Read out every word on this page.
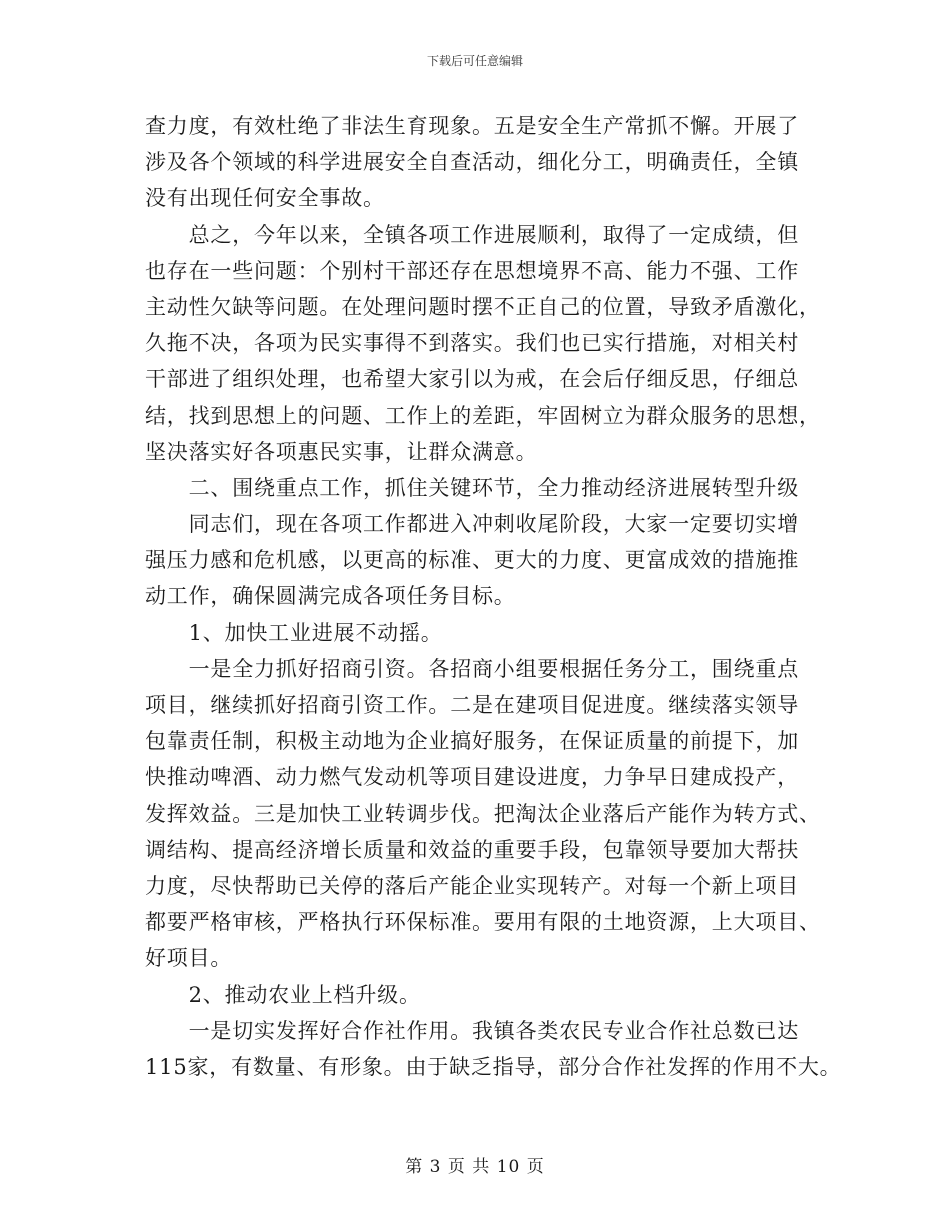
下载后可任意编辑
查力度，有效杜绝了非法生育现象。五是安全生产常抓不懈。开展了
涉及各个领域的科学进展安全自查活动，细化分工，明确责任，全镇
没有出现任何安全事故。
　　总之，今年以来，全镇各项工作进展顺利，取得了一定成绩，但
也存在一些问题：个别村干部还存在思想境界不高、能力不强、工作
主动性欠缺等问题。在处理问题时摆不正自己的位置，导致矛盾激化，
久拖不决，各项为民实事得不到落实。我们也已实行措施，对相关村
干部进了组织处理，也希望大家引以为戒，在会后仔细反思，仔细总
结，找到思想上的问题、工作上的差距，牢固树立为群众服务的思想，
坚决落实好各项惠民实事，让群众满意。
　　二、围绕重点工作，抓住关键环节，全力推动经济进展转型升级
　　同志们，现在各项工作都进入冲刺收尾阶段，大家一定要切实增
强压力感和危机感，以更高的标准、更大的力度、更富成效的措施推
动工作，确保圆满完成各项任务目标。
　　1、加快工业进展不动摇。
　　一是全力抓好招商引资。各招商小组要根据任务分工，围绕重点
项目，继续抓好招商引资工作。二是在建项目促进度。继续落实领导
包靠责任制，积极主动地为企业搞好服务，在保证质量的前提下，加
快推动啤酒、动力燃气发动机等项目建设进度，力争早日建成投产，
发挥效益。三是加快工业转调步伐。把淘汰企业落后产能作为转方式、
调结构、提高经济增长质量和效益的重要手段，包靠领导要加大帮扶
力度，尽快帮助已关停的落后产能企业实现转产。对每一个新上项目
都要严格审核，严格执行环保标准。要用有限的土地资源，上大项目、
好项目。
　　2、推动农业上档升级。
　　一是切实发挥好合作社作用。我镇各类农民专业合作社总数已达
115家，有数量、有形象。由于缺乏指导，部分合作社发挥的作用不大。
第 3 页 共 10 页
